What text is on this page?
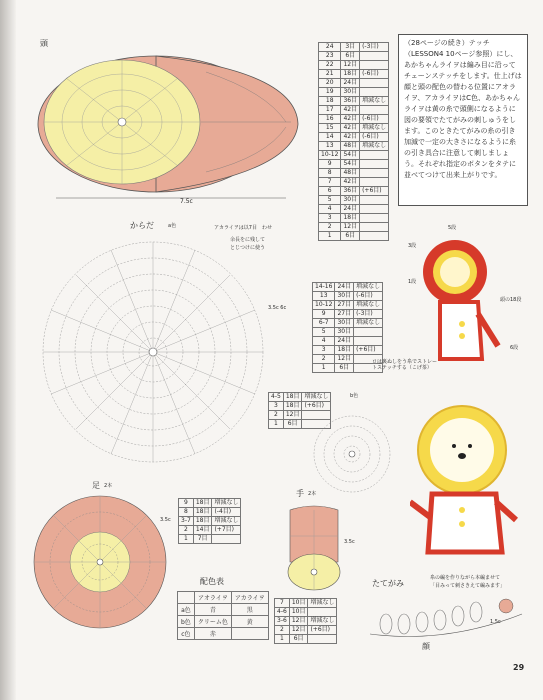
頭
7.5c
24	3目	(-3目)
23	6目	
22	12目	
21	18目	(-6目)
20	24目	
19	30目	
18	36目	増減なし
17	42目	
16	42目	(-6目)
15	42目	増減なし
14	42目	(-6目)
13	48目	増減なし
10-12	54目	
9	54目	
8	48目	
7	42目	
6	36目	(+6目)
5	30目	
4	24目	
3	18目	
2	12目	
1	6目	
（28ページの続き）テッチ（LESSON4 10ページ参照）にし、あかちゃんライヲは編み目に沿ってチェーンステッチをします。仕上げは顔と頭の配色の替わる位置にアオライヲ、アカライヲはC色、あかちゃんライヲは黄の糸で頭側になるように図の要領でたてがみの刺しゅうをします。このときたてがみの糸の引き加減で一定の大きさになるように糸の引き具合に注意して刺しましょう。それぞれ指定のボタンをタテに並べてつけて出来上がりです。
からだ	a色	アカライヲは以7目 わせ
余長をに残して
とじつけに使う
3.5c 6c
14-16	24目	増減なし
13	30目	(-6目)
10-12	27目	増減なし
9	27目	(-3目)
6-7	30目	増減なし
5	30目	
4	24目	
3	18目	(+6目)
2	12目	
1	6目	
5段
3段
1段
6段
頭の18段
ロは裏ぬしをう糸でストレートステッチする（こげ茶）
4-5	18目	増減なし
3	18目	(+6目)
2	12目	
1	6目	
b色
足 2本
9	18目	増減なし
8	18目	(-4目)
3-7	18目	増減なし
2	14目	(+7目)
1	7目	
3.5c
配色表
	アオライヲ	アカライヲ
a色	青	黒
b色	クリーム色	黄
c色	赤	
手 2本
3.5c
7	10目	増減なし
4-6	10目	
3-6	12目	増減なし
2	12目	(+6目)
1	6目	
たてがみ
糸の編を作りながら本編ませて
「目みって刺さきえて編みます」
1.5c
顔
29
